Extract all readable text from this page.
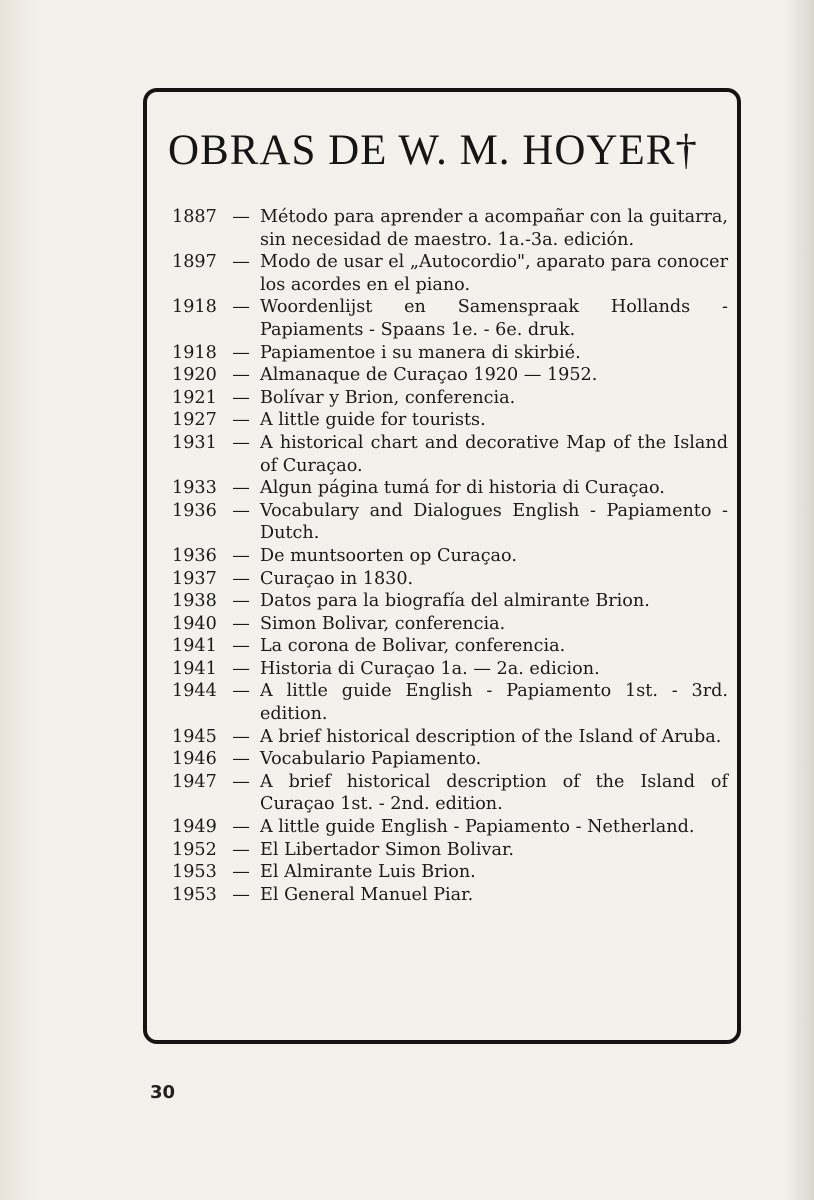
OBRAS DE W. M. HOYER†
1887 — Método para aprender a acompañar con la guitarra, sin necesidad de maestro. 1a.-3a. edición.
1897 — Modo de usar el „Autocordio", aparato para conocer los acordes en el piano.
1918 — Woordenlijst en Samenspraak Hollands - Papiaments - Spaans 1e. - 6e. druk.
1918 — Papiamentoe i su manera di skirbié.
1920 — Almanaque de Curaçao 1920 — 1952.
1921 — Bolívar y Brion, conferencia.
1927 — A little guide for tourists.
1931 — A historical chart and decorative Map of the Island of Curaçao.
1933 — Algun página tumá for di historia di Curaçao.
1936 — Vocabulary and Dialogues English - Papiamento - Dutch.
1936 — De muntsoorten op Curaçao.
1937 — Curaçao in 1830.
1938 — Datos para la biografía del almirante Brion.
1940 — Simon Bolivar, conferencia.
1941 — La corona de Bolivar, conferencia.
1941 — Historia di Curaçao 1a. — 2a. edicion.
1944 — A little guide English - Papiamento 1st. - 3rd. edition.
1945 — A brief historical description of the Island of Aruba.
1946 — Vocabulario Papiamento.
1947 — A brief historical description of the Island of Curaçao 1st. - 2nd. edition.
1949 — A little guide English - Papiamento - Netherland.
1952 — El Libertador Simon Bolivar.
1953 — El Almirante Luis Brion.
1953 — El General Manuel Piar.
30
